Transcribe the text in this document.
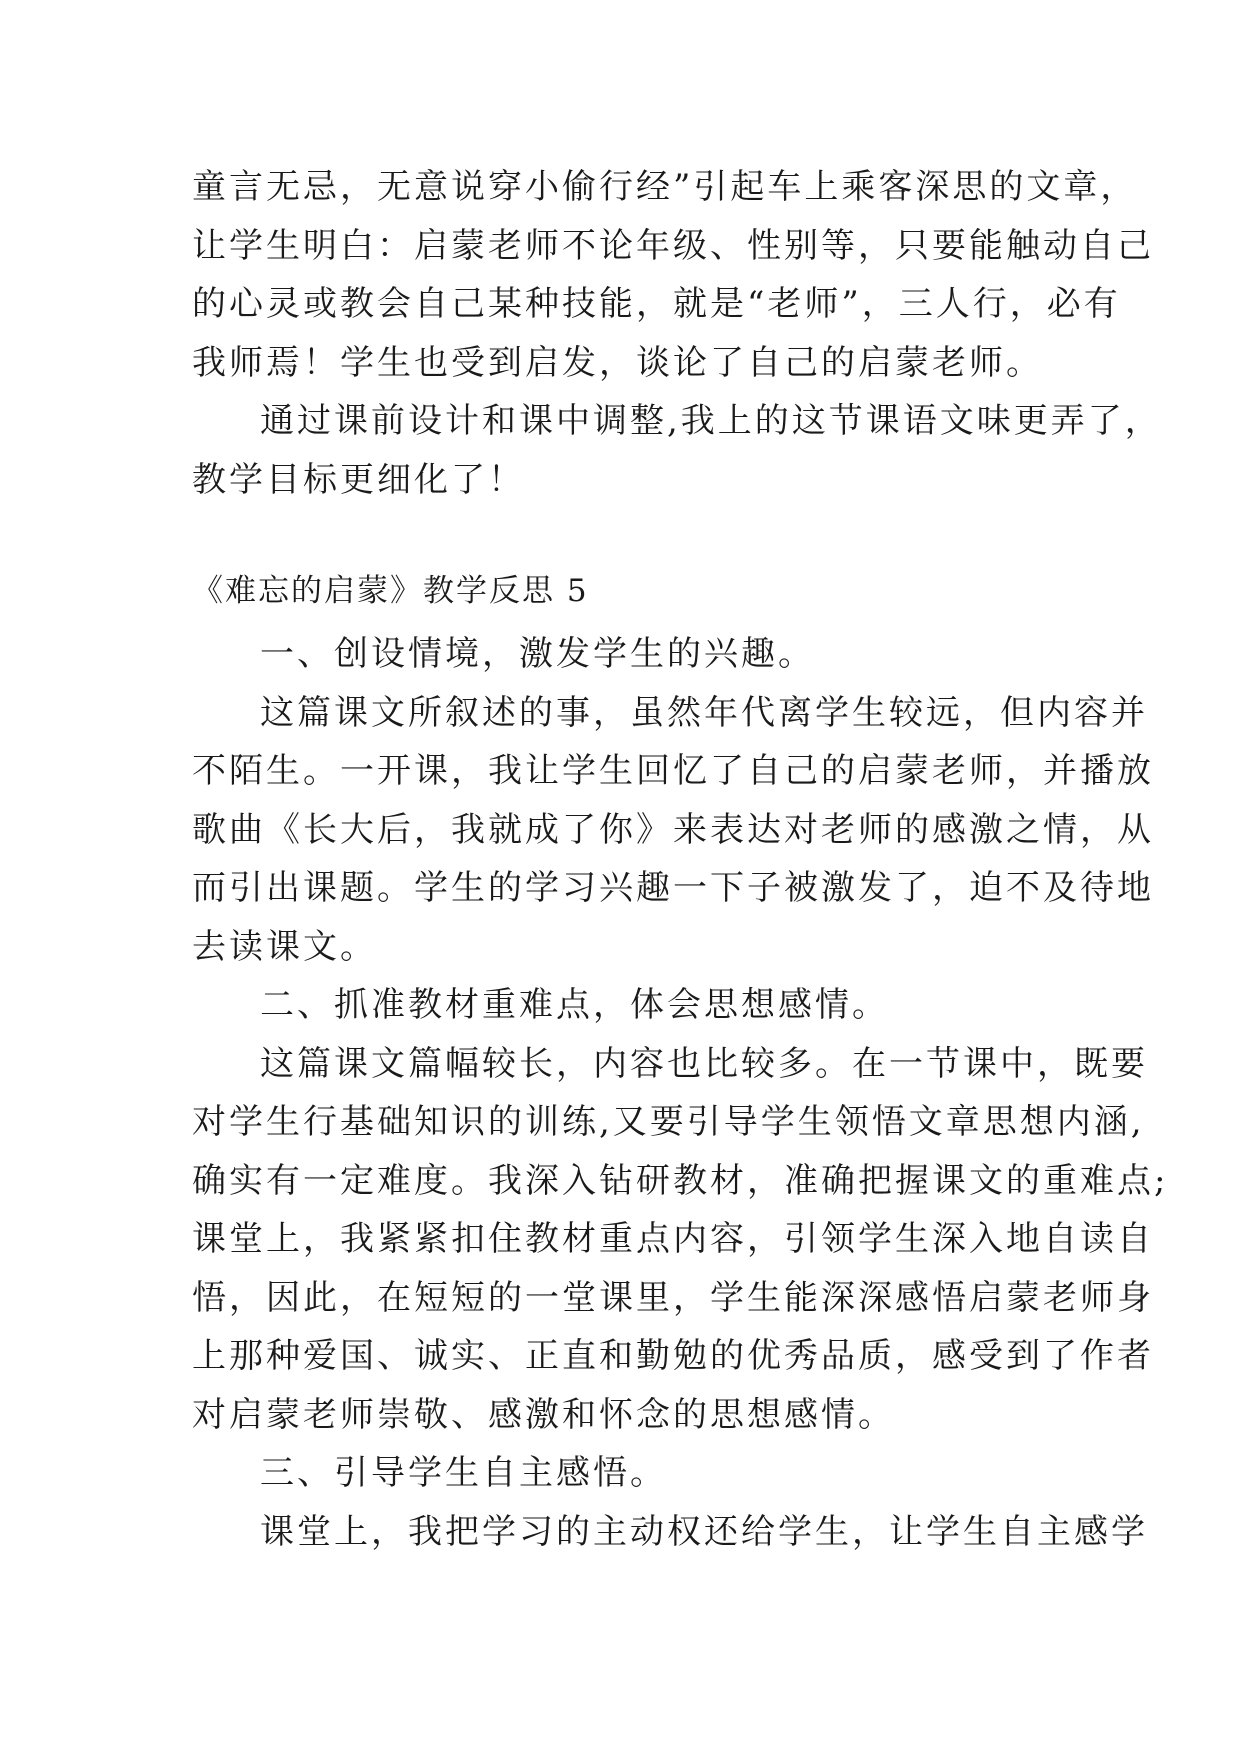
童言无忌，无意说穿小偷行经”引起车上乘客深思的文章，
让学生明白：启蒙老师不论年级、性别等，只要能触动自己
的心灵或教会自己某种技能，就是“老师”，三人行，必有
我师焉！学生也受到启发，谈论了自己的启蒙老师。
通过课前设计和课中调整,我上的这节课语文味更弄了，
教学目标更细化了！
《难忘的启蒙》教学反思 5
一、创设情境，激发学生的兴趣。
这篇课文所叙述的事，虽然年代离学生较远，但内容并
不陌生。一开课，我让学生回忆了自己的启蒙老师，并播放
歌曲《长大后，我就成了你》来表达对老师的感激之情，从
而引出课题。学生的学习兴趣一下子被激发了，迫不及待地
去读课文。
二、抓准教材重难点，体会思想感情。
这篇课文篇幅较长，内容也比较多。在一节课中，既要
对学生行基础知识的训练,又要引导学生领悟文章思想内涵,
确实有一定难度。我深入钻研教材，准确把握课文的重难点;
课堂上，我紧紧扣住教材重点内容，引领学生深入地自读自
悟，因此，在短短的一堂课里，学生能深深感悟启蒙老师身
上那种爱国、诚实、正直和勤勉的优秀品质，感受到了作者
对启蒙老师崇敬、感激和怀念的思想感情。
三、引导学生自主感悟。
课堂上，我把学习的主动权还给学生，让学生自主感学
